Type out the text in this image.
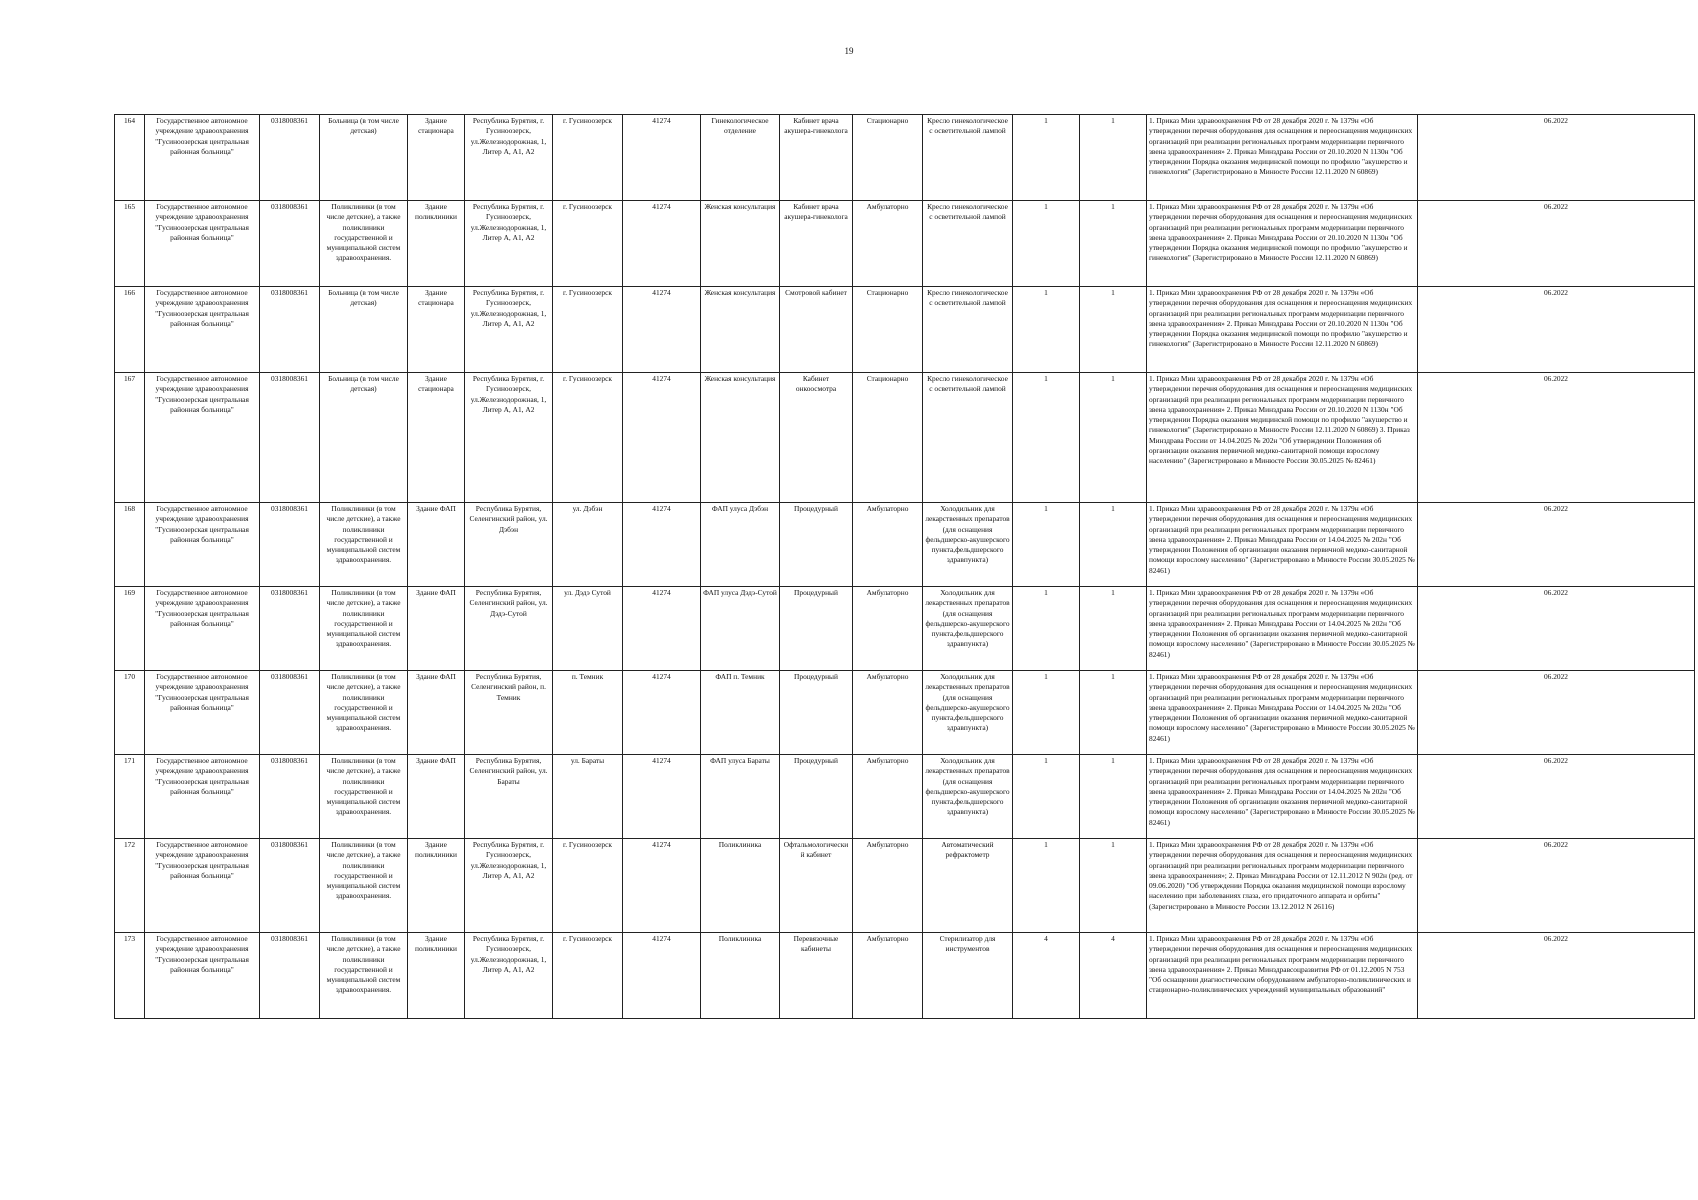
19
164	Государственное автономное учреждение здравоохранения "Гусиноозерская центральная районная больница"	0318008361	Больница (в том числе детская)	Здание стационара	Республика Бурятия, г. Гусиноозерск, ул.Железнодорожная, 1, Литер А, А1, А2	г. Гусиноозерск	41274	Гинекологическое отделение	Кабинет врача акушера-гинеколога	Стационарно	Кресло гинекологическое с осветительной лампой	1	1	1. Приказ Мин здравоохранения РФ от 28 декабря 2020 г. № 1379н «Об утверждении перечня оборудования для оснащения и переоснащения медицинских организаций при реализации региональных программ модернизации первичного звена здравоохранения» 2. Приказ Минздрава России от 20.10.2020 N 1130н "Об утверждении Порядка оказания медицинской помощи по профилю "акушерство и гинекология" (Зарегистрировано в Минюсте России 12.11.2020 N 60869)	06.2022
165	Государственное автономное учреждение здравоохранения "Гусиноозерская центральная районная больница"	0318008361	Поликлиники (в том числе детские), а также поликлиники государственной и муниципальной систем здравоохранения.	Здание поликлиники	Республика Бурятия, г. Гусиноозерск, ул.Железнодорожная, 1, Литер А, А1, А2	г. Гусиноозерск	41274	Женская консультация	Кабинет врача акушера-гинеколога	Амбулаторно	Кресло гинекологическое с осветительной лампой	1	1	1. Приказ Мин здравоохранения РФ от 28 декабря 2020 г. № 1379н «Об утверждении перечня оборудования для оснащения и переоснащения медицинских организаций при реализации региональных программ модернизации первичного звена здравоохранения» 2. Приказ Минздрава России от 20.10.2020 N 1130н "Об утверждении Порядка оказания медицинской помощи по профилю "акушерство и гинекология" (Зарегистрировано в Минюсте России 12.11.2020 N 60869)	06.2022
166	Государственное автономное учреждение здравоохранения "Гусиноозерская центральная районная больница"	0318008361	Больница (в том числе детская)	Здание стационара	Республика Бурятия, г. Гусиноозерск, ул.Железнодорожная, 1, Литер А, А1, А2	г. Гусиноозерск	41274	Женская консультация	Смотровой кабинет	Стационарно	Кресло гинекологическое с осветительной лампой	1	1	1. Приказ Мин здравоохранения РФ от 28 декабря 2020 г. № 1379н «Об утверждении перечня оборудования для оснащения и переоснащения медицинских организаций при реализации региональных программ модернизации первичного звена здравоохранения» 2. Приказ Минздрава России от 20.10.2020 N 1130н "Об утверждении Порядка оказания медицинской помощи по профилю "акушерство и гинекология" (Зарегистрировано в Минюсте России 12.11.2020 N 60869)	06.2022
167	Государственное автономное учреждение здравоохранения "Гусиноозерская центральная районная больница"	0318008361	Больница (в том числе детская)	Здание стационара	Республика Бурятия, г. Гусиноозерск, ул.Железнодорожная, 1, Литер А, А1, А2	г. Гусиноозерск	41274	Женская консультация	Кабинет онкоосмотра	Стационарно	Кресло гинекологическое с осветительной лампой	1	1	1. Приказ Мин здравоохранения РФ от 28 декабря 2020 г. № 1379н «Об утверждении перечня оборудования для оснащения и переоснащения медицинских организаций при реализации региональных программ модернизации первичного звена здравоохранения» 2. Приказ Минздрава России от 20.10.2020 N 1130н "Об утверждении Порядка оказания медицинской помощи по профилю "акушерство и гинекология" (Зарегистрировано в Минюсте России 12.11.2020 N 60869) 3. Приказ Минздрава России от 14.04.2025 № 202н "Об утверждении Положения об организации оказания первичной медико-санитарной помощи взрослому населению" (Зарегистрировано в Минюсте России 30.05.2025 № 82461)	06.2022
168	Государственное автономное учреждение здравоохранения "Гусиноозерская центральная районная больница"	0318008361	Поликлиники (в том числе детские), а также поликлиники государственной и муниципальной систем здравоохранения.	Здание ФАП	Республика Бурятия, Селенгинский район, ул. Дэбэн	ул. Дэбэн	41274	ФАП улуса Дэбэн	Процедурный	Амбулаторно	Холодильник для лекарственных препаратов (для оснащения фельдшерско-акушерского пункта,фельдшерского здравпункта)	1	1	1. Приказ Мин здравоохранения РФ от 28 декабря 2020 г. № 1379н «Об утверждении перечня оборудования для оснащения и переоснащения медицинских организаций при реализации региональных программ модернизации первичного звена здравоохранения» 2. Приказ Минздрава России от 14.04.2025 № 202н "Об утверждении Положения об организации оказания первичной медико-санитарной помощи взрослому населению" (Зарегистрировано в Минюсте России 30.05.2025 № 82461)	06.2022
169	Государственное автономное учреждение здравоохранения "Гусиноозерская центральная районная больница"	0318008361	Поликлиники (в том числе детские), а также поликлиники государственной и муниципальной систем здравоохранения.	Здание ФАП	Республика Бурятия, Селенгинский район, ул. Дэдэ-Сутой	ул. Дэдэ Сутой	41274	ФАП улуса Дэдэ-Сутой	Процедурный	Амбулаторно	Холодильник для лекарственных препаратов (для оснащения фельдшерско-акушерского пункта,фельдшерского здравпункта)	1	1	1. Приказ Мин здравоохранения РФ от 28 декабря 2020 г. № 1379н «Об утверждении перечня оборудования для оснащения и переоснащения медицинских организаций при реализации региональных программ модернизации первичного звена здравоохранения» 2. Приказ Минздрава России от 14.04.2025 № 202н "Об утверждении Положения об организации оказания первичной медико-санитарной помощи взрослому населению" (Зарегистрировано в Минюсте России 30.05.2025 № 82461)	06.2022
170	Государственное автономное учреждение здравоохранения "Гусиноозерская центральная районная больница"	0318008361	Поликлиники (в том числе детские), а также поликлиники государственной и муниципальной систем здравоохранения.	Здание ФАП	Республика Бурятия, Селенгинский район, п. Темник	п. Темник	41274	ФАП п. Темник	Процедурный	Амбулаторно	Холодильник для лекарственных препаратов (для оснащения фельдшерско-акушерского пункта,фельдшерского здравпункта)	1	1	1. Приказ Мин здравоохранения РФ от 28 декабря 2020 г. № 1379н «Об утверждении перечня оборудования для оснащения и переоснащения медицинских организаций при реализации региональных программ модернизации первичного звена здравоохранения» 2. Приказ Минздрава России от 14.04.2025 № 202н "Об утверждении Положения об организации оказания первичной медико-санитарной помощи взрослому населению" (Зарегистрировано в Минюсте России 30.05.2025 № 82461)	06.2022
171	Государственное автономное учреждение здравоохранения "Гусиноозерская центральная районная больница"	0318008361	Поликлиники (в том числе детские), а также поликлиники государственной и муниципальной систем здравоохранения.	Здание ФАП	Республика Бурятия, Селенгинский район, ул. Бараты	ул. Бараты	41274	ФАП улуса Бараты	Процедурный	Амбулаторно	Холодильник для лекарственных препаратов (для оснащения фельдшерско-акушерского пункта,фельдшерского здравпункта)	1	1	1. Приказ Мин здравоохранения РФ от 28 декабря 2020 г. № 1379н «Об утверждении перечня оборудования для оснащения и переоснащения медицинских организаций при реализации региональных программ модернизации первичного звена здравоохранения» 2. Приказ Минздрава России от 14.04.2025 № 202н "Об утверждении Положения об организации оказания первичной медико-санитарной помощи взрослому населению" (Зарегистрировано в Минюсте России 30.05.2025 № 82461)	06.2022
172	Государственное автономное учреждение здравоохранения "Гусиноозерская центральная районная больница"	0318008361	Поликлиники (в том числе детские), а также поликлиники государственной и муниципальной систем здравоохранения.	Здание поликлиники	Республика Бурятия, г. Гусиноозерск, ул.Железнодорожная, 1, Литер А, А1, А2	г. Гусиноозерск	41274	Поликлиника	Офтальмологический кабинет	Амбулаторно	Автоматический рефрактометр	1	1	1. Приказ Мин здравоохранения РФ от 28 декабря 2020 г. № 1379н «Об утверждении перечня оборудования для оснащения и переоснащения медицинских организаций при реализации региональных программ модернизации первичного звена здравоохранения»; 2. Приказ Минздрава России от 12.11.2012 N 902н (ред. от 09.06.2020) "Об утверждении Порядка оказания медицинской помощи взрослому населению при заболеваниях глаза, его придаточного аппарата и орбиты" (Зарегистрировано в Минюсте России 13.12.2012 N 26116)	06.2022
173	Государственное автономное учреждение здравоохранения "Гусиноозерская центральная районная больница"	0318008361	Поликлиники (в том числе детские), а также поликлиники государственной и муниципальной систем здравоохранения.	Здание поликлиники	Республика Бурятия, г. Гусиноозерск, ул.Железнодорожная, 1, Литер А, А1, А2	г. Гусиноозерск	41274	Поликлиника	Перевязочные кабинеты	Амбулаторно	Стерилизатор для инструментов	4	4	1. Приказ Мин здравоохранения РФ от 28 декабря 2020 г. № 1379н «Об утверждении перечня оборудования для оснащения и переоснащения медицинских организаций при реализации региональных программ модернизации первичного звена здравоохранения» 2. Приказ Минздравсоцразвития РФ от 01.12.2005 N 753 "Об оснащении диагностическим оборудованием амбулаторно-поликлинических и стационарно-поликлинических учреждений муниципальных образований"	06.2022
